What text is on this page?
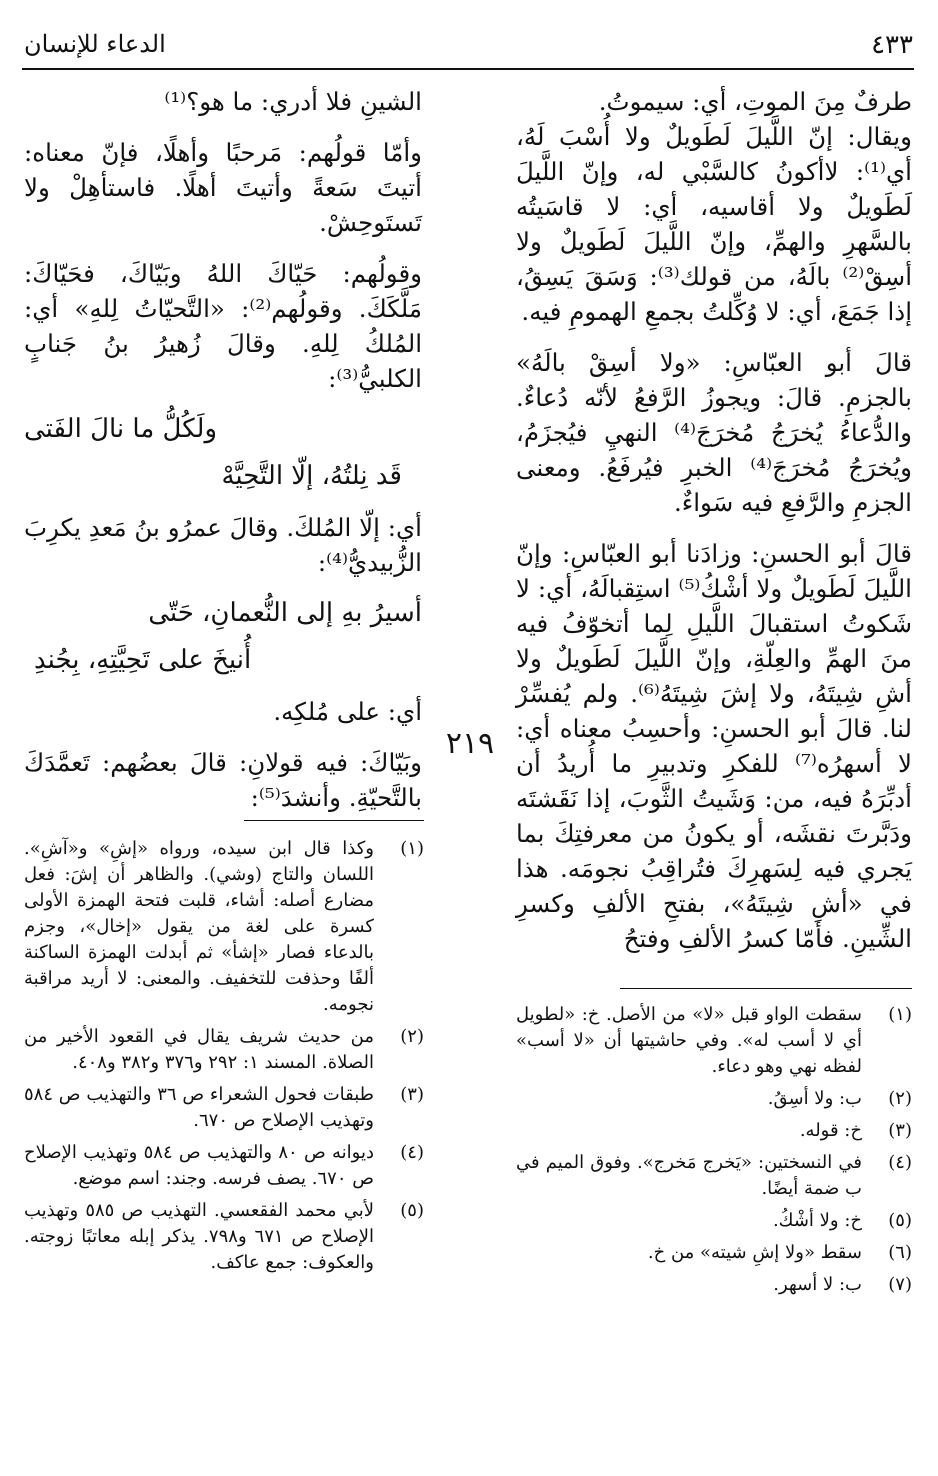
الدعاء للإنسان	٤٣٣

طرفٌ مِنَ الموتِ، أي: سيموتُ.

ويقال: إنّ اللَّيلَ لَطَويلٌ ولا أُسْبَ لَهُ، أي⁽¹⁾: لاأكونُ كالسَّبْي له، وإنّ اللَّيلَ لَطَويلٌ ولا أقاسيه، أي: لا قاسَيتُه بالسَّهرِ والهمِّ، وإنّ اللَّيلَ لَطَويلٌ ولا أسِقْ⁽²⁾ بالَهُ، من قولك⁽³⁾: وَسَقَ يَسِقُ، إذا جَمَعَ، أي: لا وُكِّلتُ بجمعِ الهمومِ فيه.

قالَ أبو العبّاسِ: «ولا أسِقْ بالَهُ» بالجزمِ. قالَ: ويجوزُ الرَّفعُ لأنّه دُعاءٌ. والدُّعاءُ يُخرَجُ مُخرَجَ⁽⁴⁾ النهيِ فيُجزَمُ، ويُخرَجُ مُخرَجَ⁽⁴⁾ الخبرِ فيُرفَعُ. ومعنى الجزمِ والرَّفعِ فيه سَواءٌ.

قالَ أبو الحسنِ: وزادَنا أبو العبّاسِ: وإنّ اللَّيلَ لَطَويلٌ ولا أشْكُ⁽⁵⁾ استِقبالَهُ، أي: لا شَكوتُ استقبالَ اللَّيلِ لِما أتخوّفُ فيه منَ الهمِّ والعِلّةِ، وإنّ اللَّيلَ لَطَويلٌ ولا أشِ شِيتَهُ، ولا إشَ شِيتَهُ⁽⁶⁾. ولم يُفسِّرْ لنا. قالَ أبو الحسنِ: وأحسِبُ معناه أي: لا أسهرُه⁽⁷⁾ للفكرِ وتدبيرِ ما أُريدُ أن أدبِّرَهُ فيه، من: وَشَيتُ الثَّوبَ، إذا نَقَشتَه ودَبَّرتَ نقشَه، أو يكونُ من معرفتِكَ بما يَجري فيه لِسَهرِكَ فتُراقِبُ نجومَه. هذا في «أشِ شِيتَهُ»، بفتحِ الألفِ وكسرِ الشِّينِ. فأمّا كسرُ الألفِ وفتحُ

٢١٩

الشينِ فلا أدري: ما هو؟⁽¹⁾

وأمّا قولُهم: مَرحبًا وأهلًا، فإنّ معناه: أتيتَ سَعةً وأتيتَ أهلًا. فاستأهِلْ ولا تَستَوحِشْ.

وقولُهم: حَيّاكَ اللهُ وبَيّاكَ، فحَيّاكَ: مَلَّكَكَ. وقولُهم⁽²⁾: «التَّحيّاتُ لِلهِ» أي: المُلكُ لِلهِ. وقالَ زُهيرُ بنُ جَنابٍ الكلبيُّ⁽³⁾:

ولَكُلُّ ما نالَ الفَتى
قَد نِلتُهُ، إلّا التَّحِيَّهْ

أي: إلّا المُلكَ. وقالَ عمرُو بنُ مَعدِ يكرِبَ الزُّبيديُّ⁽⁴⁾:

أسيرُ بهِ إلى النُّعمانِ، حَتّى
أُنيخَ على تَحِيَّتِهِ، بِجُندِ

أي: على مُلكِه.

وبَيّاكَ: فيه قولانِ: قالَ بعضُهم: تَعمَّدَكَ بالتَّحيّةِ. وأنشدَ⁽⁵⁾:

(١)
سقطت الواو قبل «لا» من الأصل. خ: «لطويل أي لا أسب له». وفي حاشيتها أن «لا أسب» لفظه نهي وهو دعاء.
(٢)
ب: ولا أسِقُ.
(٣)
خ: قوله.
(٤)
في النسختين: «يَخرج مَخرج». وفوق الميم في ب ضمة أيضًا.
(٥)
خ: ولا أشْكُ.
(٦)
سقط «ولا إشِ شيته» من خ.
(٧)
ب: لا أسهر.
(١)
وكذا قال ابن سيده، ورواه «إشِ» و«آشِ». اللسان والتاج (وشي). والظاهر أن إشَ: فعل مضارع أصله: أشاء، قلبت فتحة الهمزة الأولى كسرة على لغة من يقول «إخال»، وجزم بالدعاء فصار «إشأ» ثم أبدلت الهمزة الساكنة ألفًا وحذفت للتخفيف. والمعنى: لا أريد مراقبة نجومه.
(٢)
من حديث شريف يقال في القعود الأخير من الصلاة. المسند ١: ٢٩٢ و٣٧٦ و٣٨٢ و٤٠٨.
(٣)
طبقات فحول الشعراء ص ٣٦ والتهذيب ص ٥٨٤ وتهذيب الإصلاح ص ٦٧٠.
(٤)
ديوانه ص ٨٠ والتهذيب ص ٥٨٤ وتهذيب الإصلاح ص ٦٧٠. يصف فرسه. وجند: اسم موضع.
(٥)
لأبي محمد الفقعسي. التهذيب ص ٥٨٥ وتهذيب الإصلاح ص ٦٧١ و٧٩٨. يذكر إبله معاتبًا زوجته. والعكوف: جمع عاكف.
